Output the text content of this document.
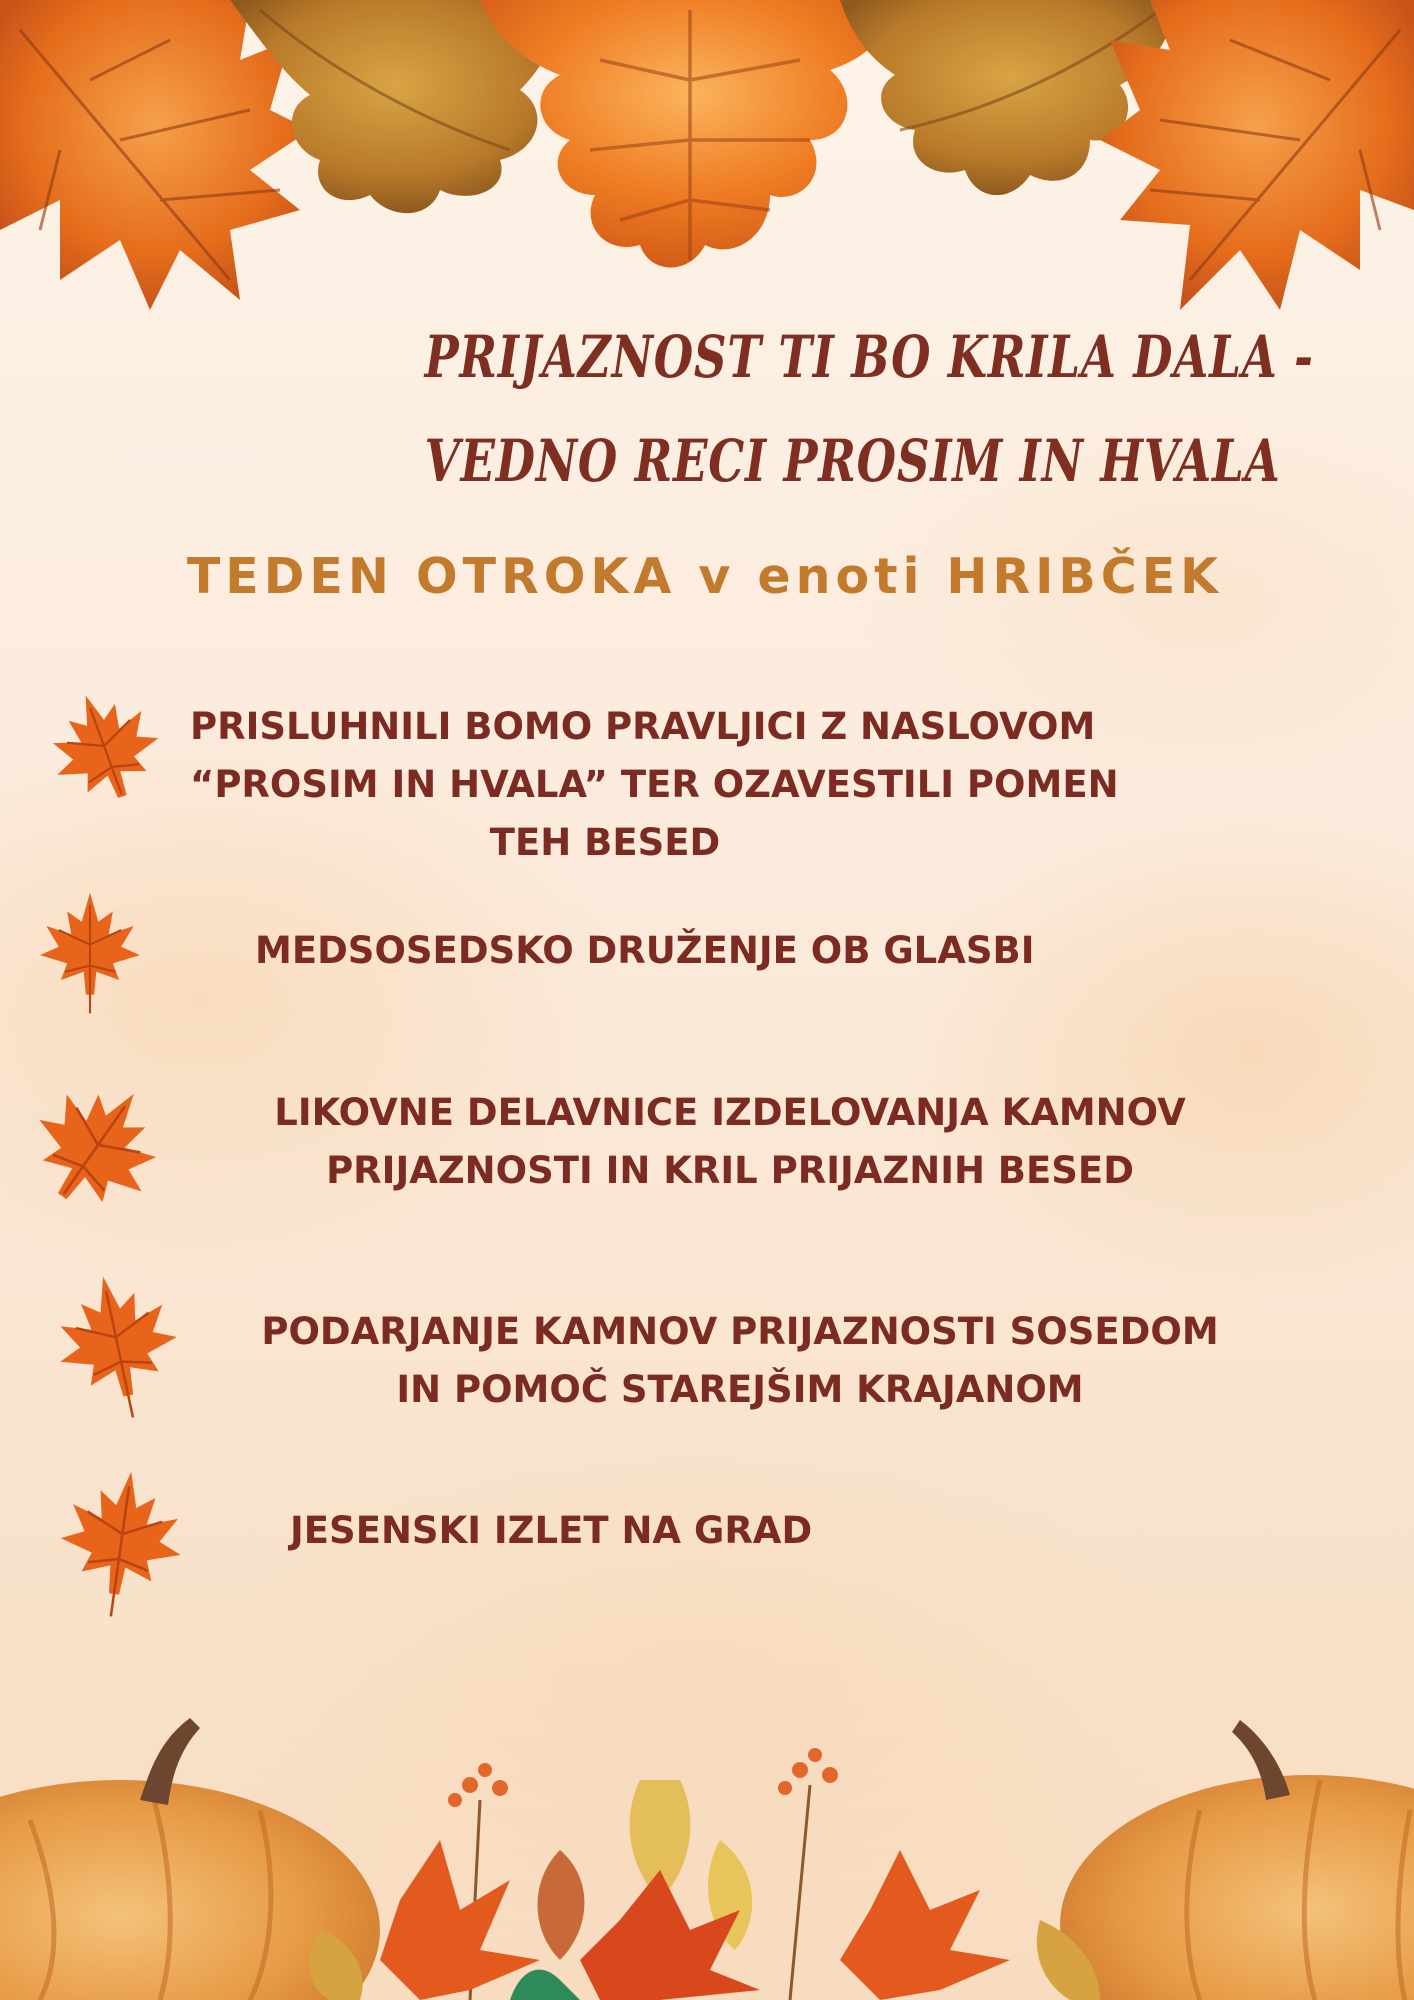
PRIJAZNOST TI BO KRILA DALA -
VEDNO RECI PROSIM IN HVALA
TEDEN OTROKA v enoti HRIBČEK
PRISLUHNILI BOMO PRAVLJICI Z NASLOVOM
“PROSIM IN HVALA” TER OZAVESTILI POMEN
TEH BESED
MEDSOSEDSKO DRUŽENJE OB GLASBI
LIKOVNE DELAVNICE IZDELOVANJA KAMNOV
PRIJAZNOSTI IN KRIL PRIJAZNIH BESED
PODARJANJE KAMNOV PRIJAZNOSTI SOSEDOM
IN POMOČ STAREJŠIM KRAJANOM
JESENSKI IZLET NA GRAD
